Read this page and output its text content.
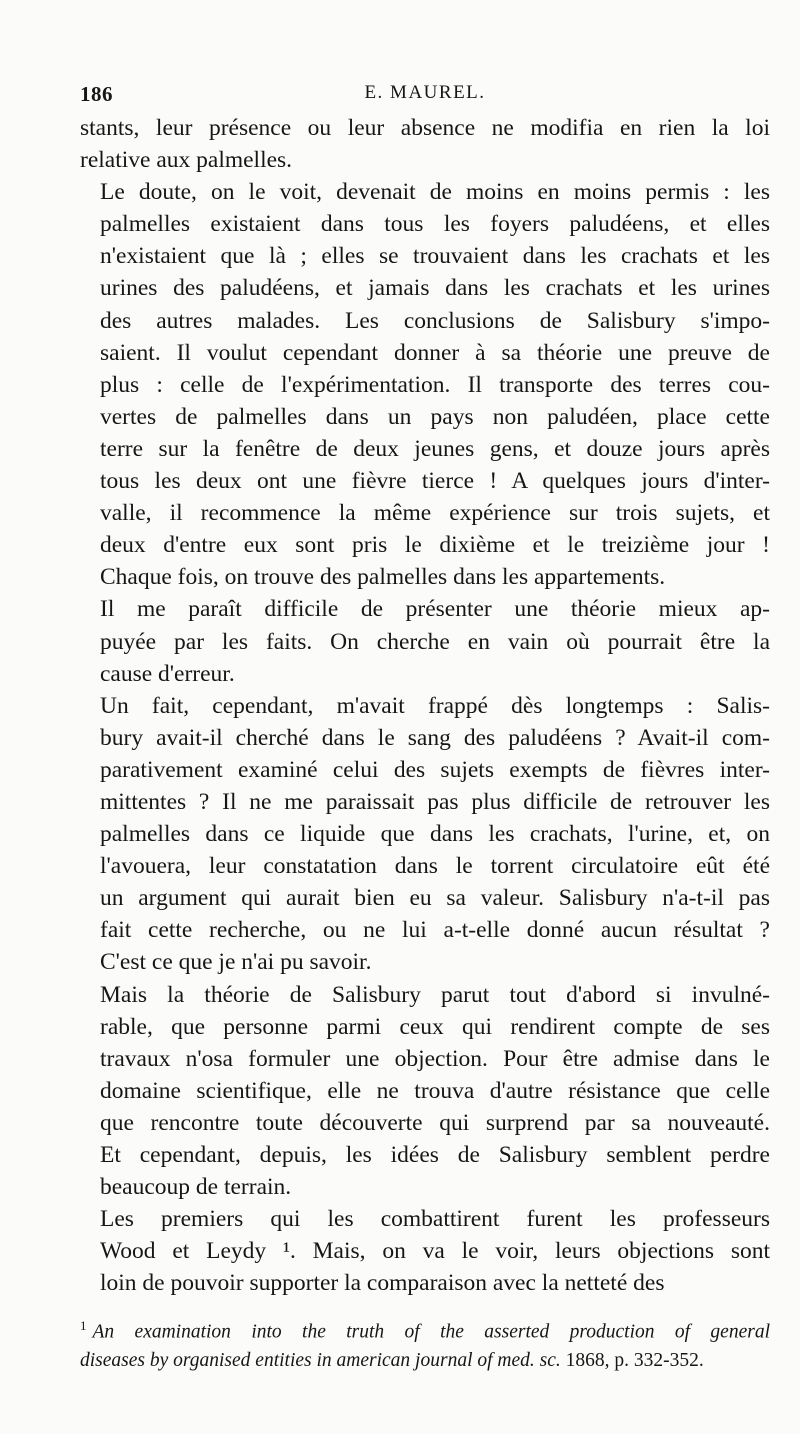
186	E. MAUREL.

stants, leur présence ou leur absence ne modifia en rien la loi
relative aux palmelles.

Le doute, on le voit, devenait de moins en moins permis : les
palmelles existaient dans tous les foyers paludéens, et elles
n'existaient que là ; elles se trouvaient dans les crachats et les
urines des paludéens, et jamais dans les crachats et les urines
des autres malades. Les conclusions de Salisbury s'impo-
saient. Il voulut cependant donner à sa théorie une preuve de
plus : celle de l'expérimentation. Il transporte des terres cou-
vertes de palmelles dans un pays non paludéen, place cette
terre sur la fenêtre de deux jeunes gens, et douze jours après
tous les deux ont une fièvre tierce ! A quelques jours d'inter-
valle, il recommence la même expérience sur trois sujets, et
deux d'entre eux sont pris le dixième et le treizième jour !
Chaque fois, on trouve des palmelles dans les appartements.

Il me paraît difficile de présenter une théorie mieux ap-
puyée par les faits. On cherche en vain où pourrait être la
cause d'erreur.

Un fait, cependant, m'avait frappé dès longtemps : Salis-
bury avait-il cherché dans le sang des paludéens ? Avait-il com-
parativement examiné celui des sujets exempts de fièvres inter-
mittentes ? Il ne me paraissait pas plus difficile de retrouver les
palmelles dans ce liquide que dans les crachats, l'urine, et, on
l'avouera, leur constatation dans le torrent circulatoire eût été
un argument qui aurait bien eu sa valeur. Salisbury n'a-t-il pas
fait cette recherche, ou ne lui a-t-elle donné aucun résultat ?
C'est ce que je n'ai pu savoir.

Mais la théorie de Salisbury parut tout d'abord si invulné-
rable, que personne parmi ceux qui rendirent compte de ses
travaux n'osa formuler une objection. Pour être admise dans le
domaine scientifique, elle ne trouva d'autre résistance que celle
que rencontre toute découverte qui surprend par sa nouveauté.
Et cependant, depuis, les idées de Salisbury semblent perdre
beaucoup de terrain.

Les premiers qui les combattirent furent les professeurs
Wood et Leydy ¹. Mais, on va le voir, leurs objections sont
loin de pouvoir supporter la comparaison avec la netteté des

$^1$ An examination into the truth of the asserted production of general
diseases by organised entities in american journal of med. sc. 1868, p. 332-352.
